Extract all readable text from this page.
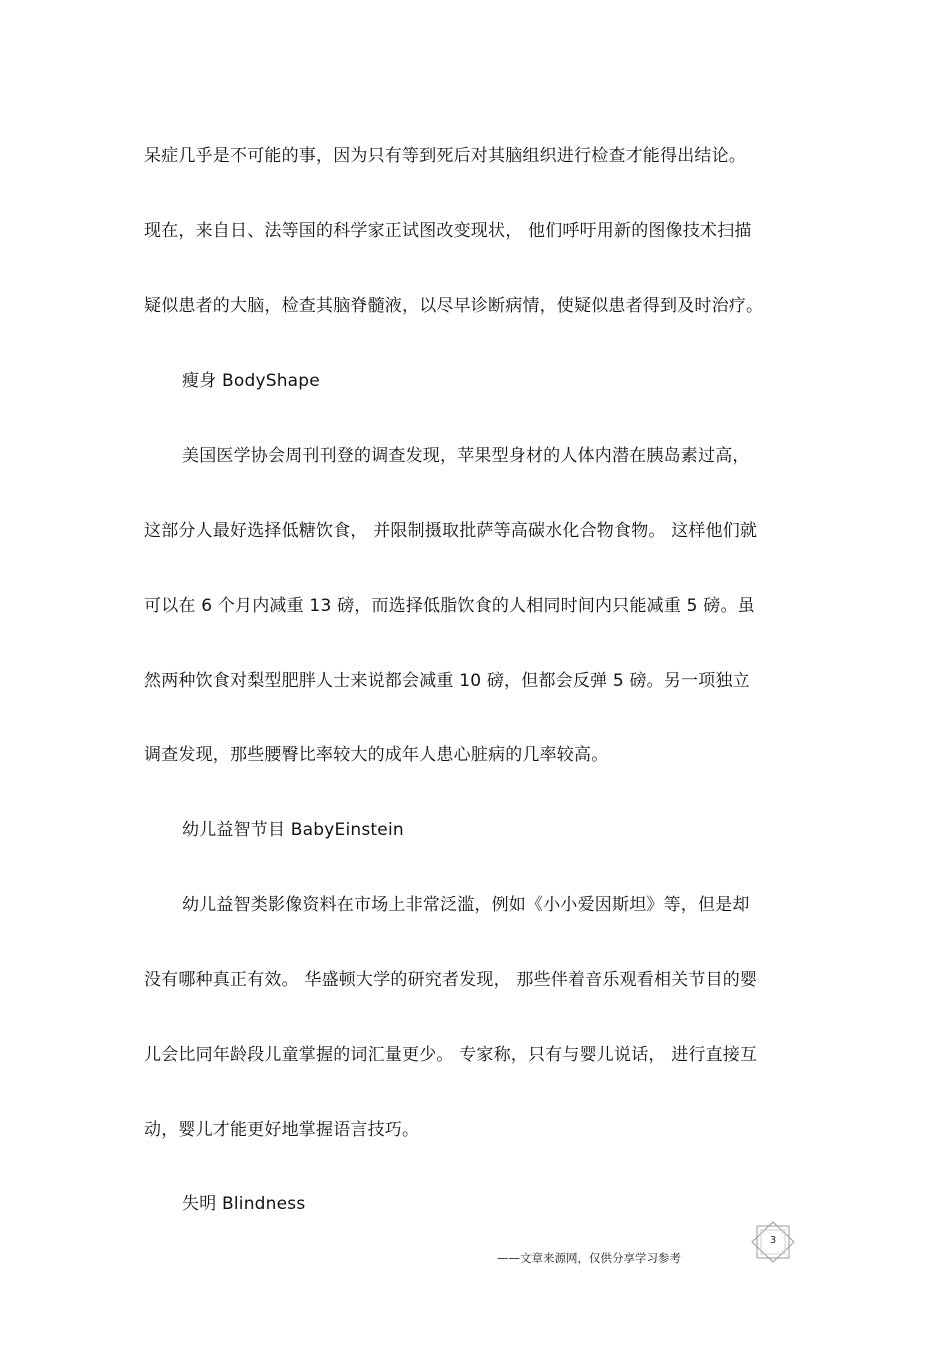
呆症几乎是不可能的事，因为只有等到死后对其脑组织进行检查才能得出结论。
现在，来自日、法等国的科学家正试图改变现状， 他们呼吁用新的图像技术扫描
疑似患者的大脑，检查其脑脊髓液，以尽早诊断病情，使疑似患者得到及时治疗。
瘦身 BodyShape
美国医学协会周刊刊登的调查发现，苹果型身材的人体内潜在胰岛素过高，
这部分人最好选择低糖饮食， 并限制摄取批萨等高碳水化合物食物。 这样他们就
可以在 6 个月内减重 13 磅，而选择低脂饮食的人相同时间内只能减重 5 磅。虽
然两种饮食对梨型肥胖人士来说都会减重 10 磅，但都会反弹 5 磅。另一项独立
调查发现，那些腰臀比率较大的成年人患心脏病的几率较高。
幼儿益智节目 BabyEinstein
幼儿益智类影像资料在市场上非常泛滥，例如《小小爱因斯坦》等，但是却
没有哪种真正有效。 华盛顿大学的研究者发现， 那些伴着音乐观看相关节目的婴
儿会比同年龄段儿童掌握的词汇量更少。 专家称，只有与婴儿说话， 进行直接互
动，婴儿才能更好地掌握语言技巧。
失明 Blindness
3
——文章来源网，仅供分享学习参考
